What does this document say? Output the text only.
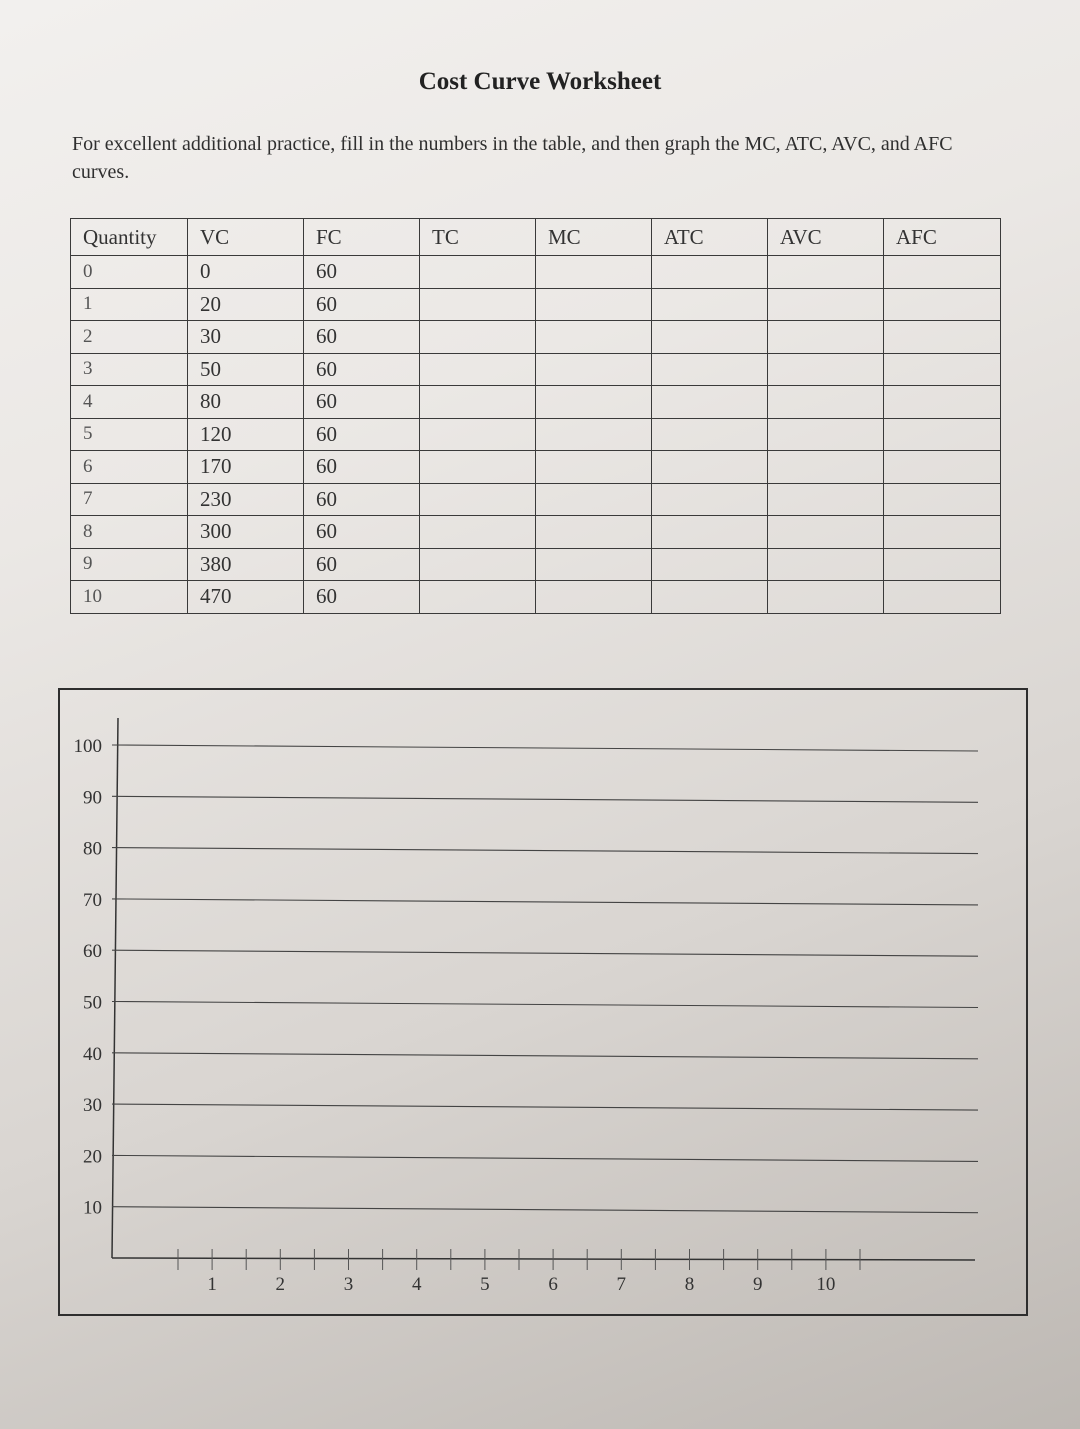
Cost Curve Worksheet
For excellent additional practice, fill in the numbers in the table, and then graph the MC, ATC, AVC, and AFC curves.
Quantity	VC	FC	TC	MC	ATC	AVC	AFC
0	0	60					
1	20	60					
2	30	60					
3	50	60					
4	80	60					
5	120	60					
6	170	60					
7	230	60					
8	300	60					
9	380	60					
10	470	60					
10
20
30
40
50
60
70
80
90
100
1	2	3	4	5	6	7	8	9	10
